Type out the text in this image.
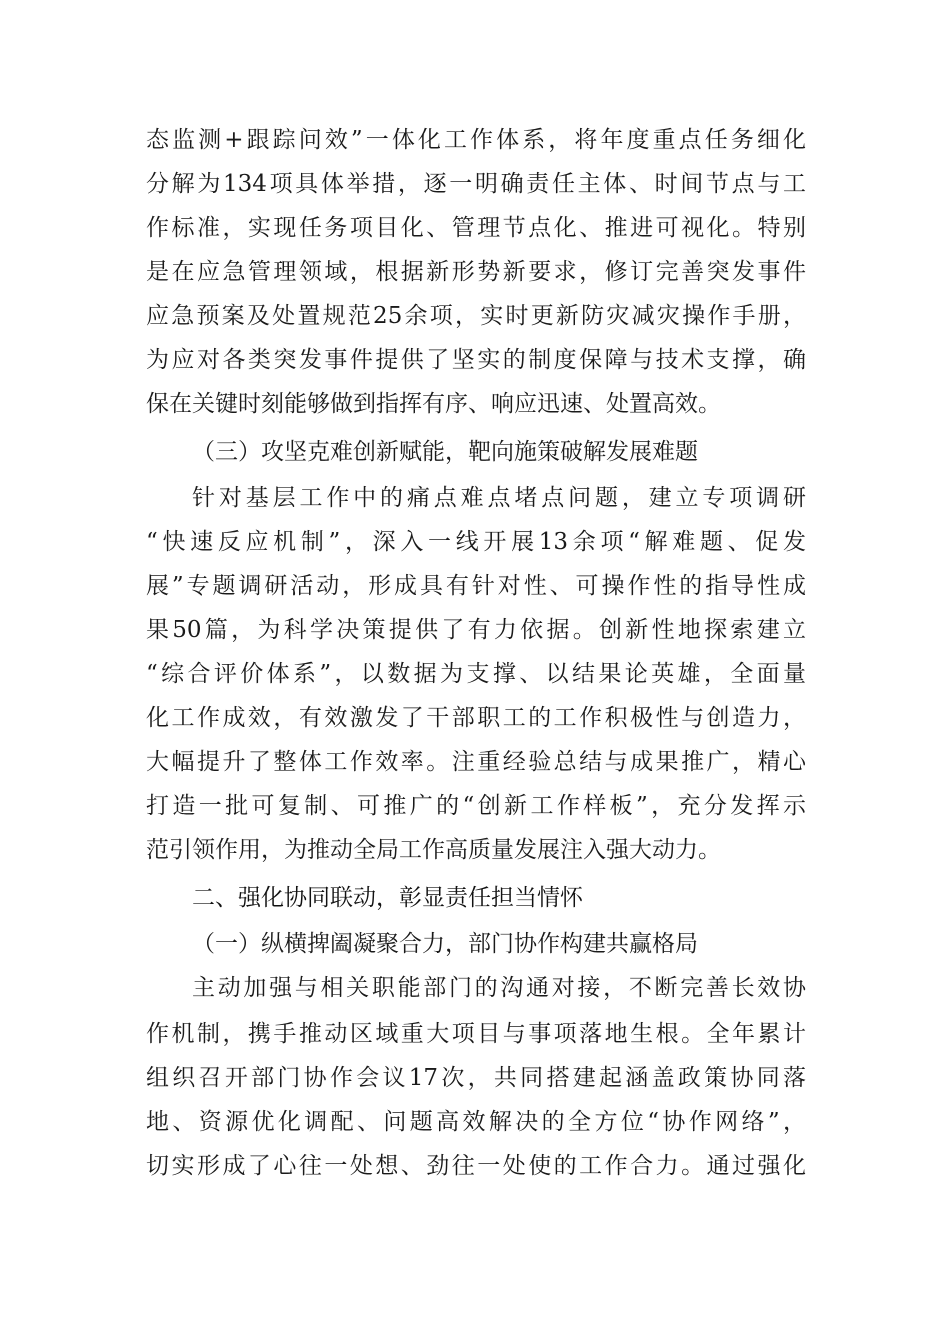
态监测+跟踪问效”一体化工作体系，将年度重点任务细化
分解为134项具体举措，逐一明确责任主体、时间节点与工
作标准，实现任务项目化、管理节点化、推进可视化。特别
是在应急管理领域，根据新形势新要求，修订完善突发事件
应急预案及处置规范25余项，实时更新防灾减灾操作手册，
为应对各类突发事件提供了坚实的制度保障与技术支撑，确
保在关键时刻能够做到指挥有序、响应迅速、处置高效。
（三）攻坚克难创新赋能，靶向施策破解发展难题
针对基层工作中的痛点难点堵点问题，建立专项调研
“快速反应机制”，深入一线开展13余项“解难题、促发
展”专题调研活动，形成具有针对性、可操作性的指导性成
果50篇，为科学决策提供了有力依据。创新性地探索建立
“综合评价体系”，以数据为支撑、以结果论英雄，全面量
化工作成效，有效激发了干部职工的工作积极性与创造力，
大幅提升了整体工作效率。注重经验总结与成果推广，精心
打造一批可复制、可推广的“创新工作样板”，充分发挥示
范引领作用，为推动全局工作高质量发展注入强大动力。
二、强化协同联动，彰显责任担当情怀
（一）纵横捭阖凝聚合力，部门协作构建共赢格局
主动加强与相关职能部门的沟通对接，不断完善长效协
作机制，携手推动区域重大项目与事项落地生根。全年累计
组织召开部门协作会议17次，共同搭建起涵盖政策协同落
地、资源优化调配、问题高效解决的全方位“协作网络”，
切实形成了心往一处想、劲往一处使的工作合力。通过强化
